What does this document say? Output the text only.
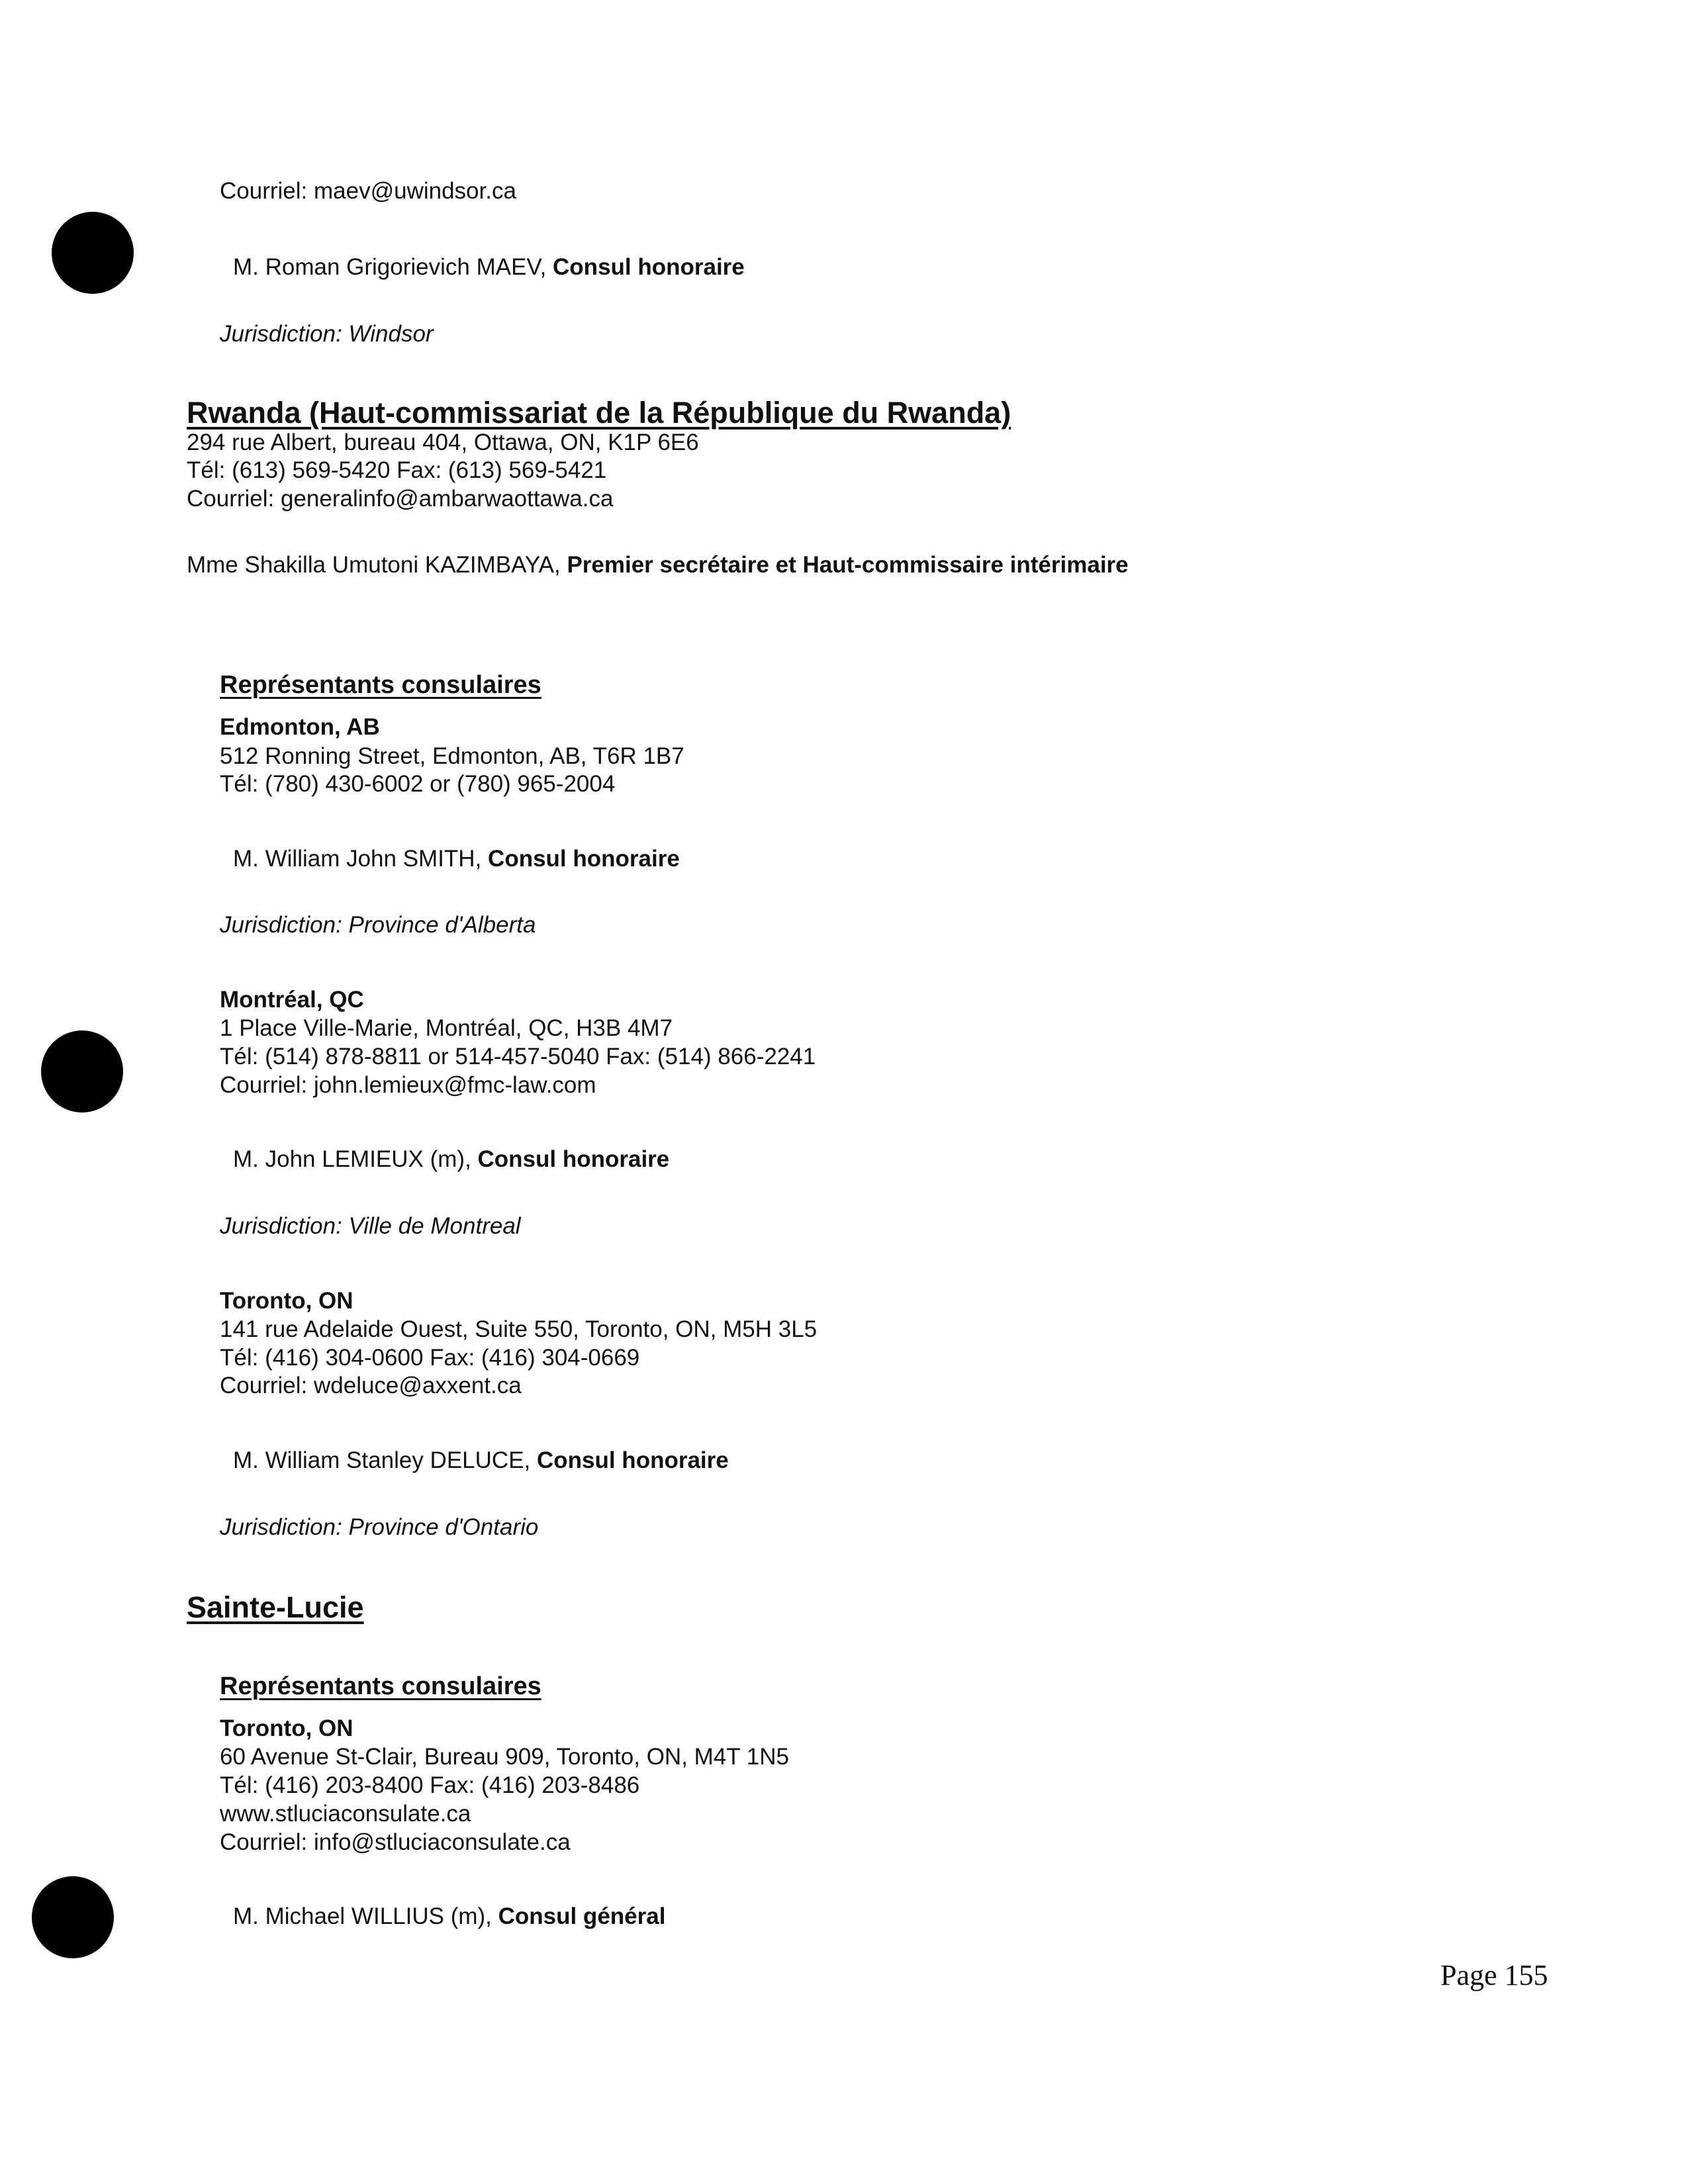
Courriel: maev@uwindsor.ca
M. Roman Grigorievich MAEV, Consul honoraire
Jurisdiction: Windsor
Rwanda (Haut-commissariat de la République du Rwanda)
294 rue Albert, bureau 404, Ottawa, ON, K1P 6E6
Tél: (613) 569-5420 Fax: (613) 569-5421
Courriel: generalinfo@ambarwaottawa.ca
Mme Shakilla Umutoni KAZIMBAYA, Premier secrétaire et Haut-commissaire intérimaire
Représentants consulaires
Edmonton, AB
512 Ronning Street, Edmonton, AB, T6R 1B7
Tél: (780) 430-6002 or (780) 965-2004
M. William John SMITH, Consul honoraire
Jurisdiction: Province d'Alberta
Montréal, QC
1 Place Ville-Marie, Montréal, QC, H3B 4M7
Tél: (514) 878-8811 or 514-457-5040 Fax: (514) 866-2241
Courriel: john.lemieux@fmc-law.com
M. John LEMIEUX (m), Consul honoraire
Jurisdiction: Ville de Montreal
Toronto, ON
141 rue Adelaide Ouest, Suite 550, Toronto, ON, M5H 3L5
Tél: (416) 304-0600 Fax: (416) 304-0669
Courriel: wdeluce@axxent.ca
M. William Stanley DELUCE, Consul honoraire
Jurisdiction: Province d'Ontario
Sainte-Lucie
Représentants consulaires
Toronto, ON
60 Avenue St-Clair, Bureau 909, Toronto, ON, M4T 1N5
Tél: (416) 203-8400 Fax: (416) 203-8486
www.stluciaconsulate.ca
Courriel: info@stluciaconsulate.ca
M. Michael WILLIUS (m), Consul général
Page 155
